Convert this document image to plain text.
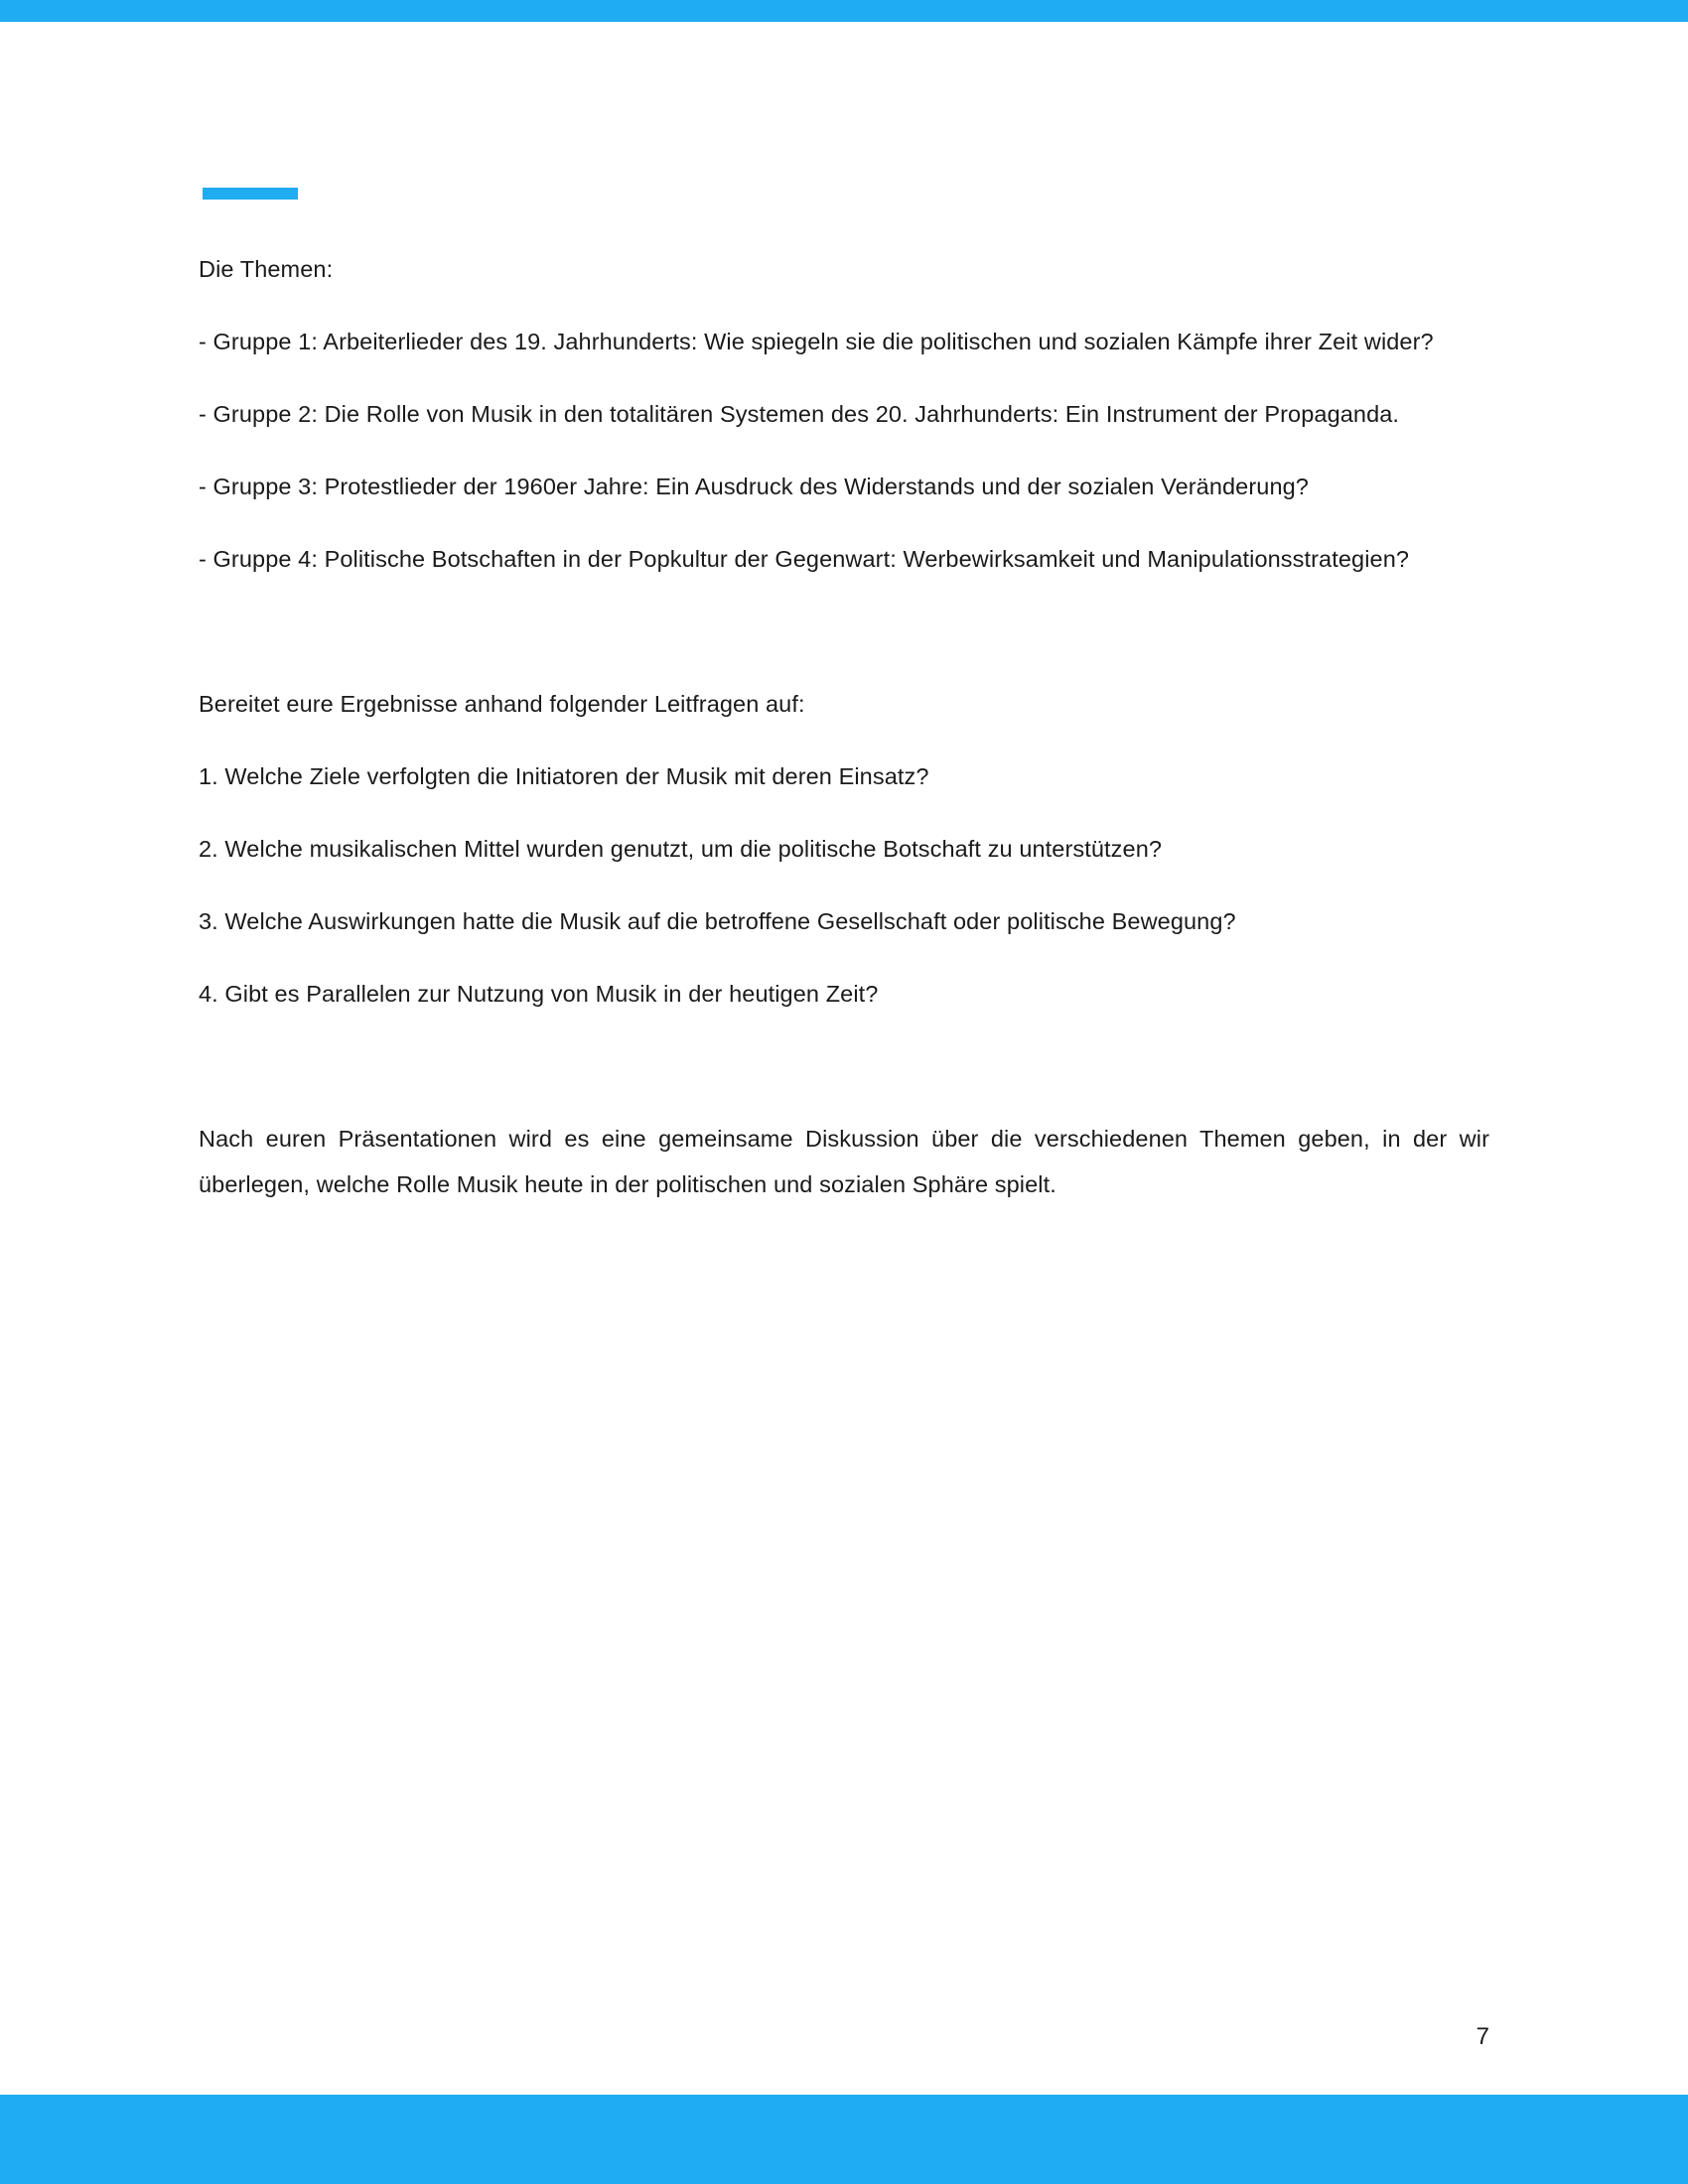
Die Themen:

- Gruppe 1: Arbeiterlieder des 19. Jahrhunderts: Wie spiegeln sie die politischen und sozialen Kämpfe ihrer Zeit wider?

- Gruppe 2: Die Rolle von Musik in den totalitären Systemen des 20. Jahrhunderts: Ein Instrument der Propaganda.

- Gruppe 3: Protestlieder der 1960er Jahre: Ein Ausdruck des Widerstands und der sozialen Veränderung?

- Gruppe 4: Politische Botschaften in der Popkultur der Gegenwart: Werbewirksamkeit und Manipulationsstrategien?

Bereitet eure Ergebnisse anhand folgender Leitfragen auf:

1. Welche Ziele verfolgten die Initiatoren der Musik mit deren Einsatz?

2. Welche musikalischen Mittel wurden genutzt, um die politische Botschaft zu unterstützen?

3. Welche Auswirkungen hatte die Musik auf die betroffene Gesellschaft oder politische Bewegung?

4. Gibt es Parallelen zur Nutzung von Musik in der heutigen Zeit?

Nach euren Präsentationen wird es eine gemeinsame Diskussion über die verschiedenen Themen geben, in der wir überlegen, welche Rolle Musik heute in der politischen und sozialen Sphäre spielt.

7
